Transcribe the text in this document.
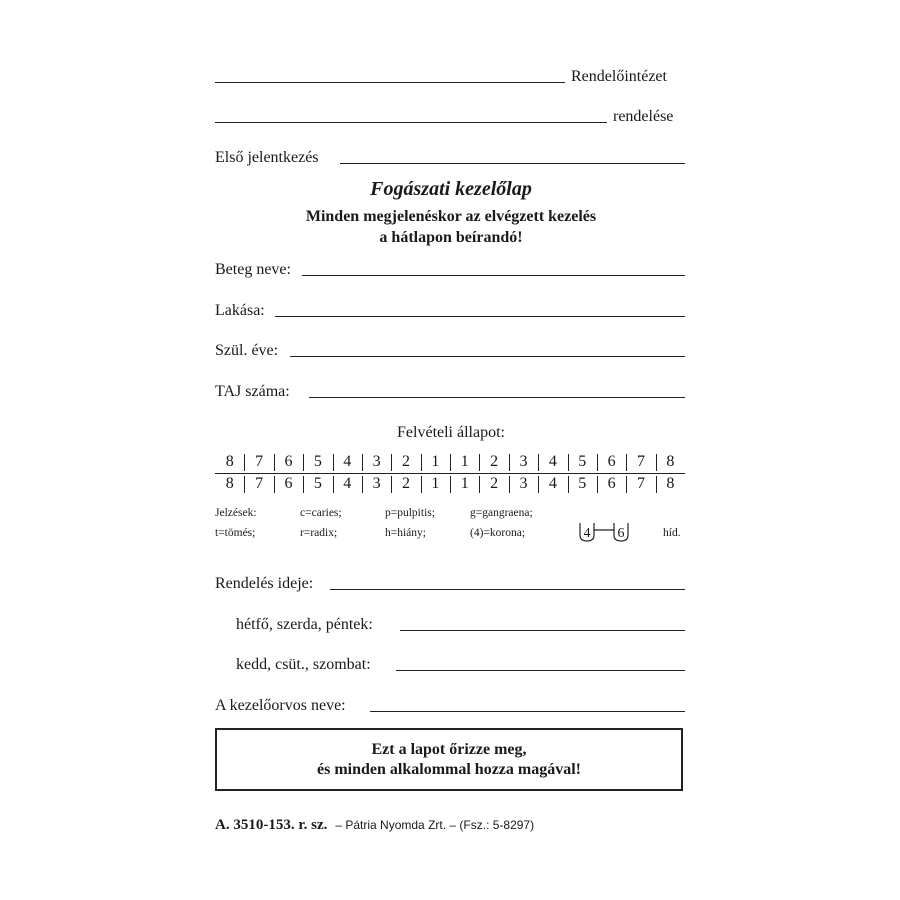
Rendelőintézet
rendelése
Első jelentkezés
Fogászati kezelőlap
Minden megjelenéskor az elvégzett kezelés
a hátlapon beírandó!
Beteg neve:
Lakása:
Szül. éve:
TAJ száma:
Felvételi állapot:
8	7	6	5	4	3	2	1	1	2	3	4	5	6	7	8
8	7	6	5	4	3	2	1	1	2	3	4	5	6	7	8
Jelzések:	c=caries;	p=pulpitis;	g=gangraena;
t=tömés;	r=radix;	h=hiány;	(4)=korona;	4 6	híd.
Rendelés ideje:
hétfő, szerda, péntek:
kedd, csüt., szombat:
A kezelőorvos neve:
Ezt a lapot őrizze meg,
és minden alkalommal hozza magával!
A. 3510-153. r. sz. – Pátria Nyomda Zrt. – (Fsz.: 5-8297)
